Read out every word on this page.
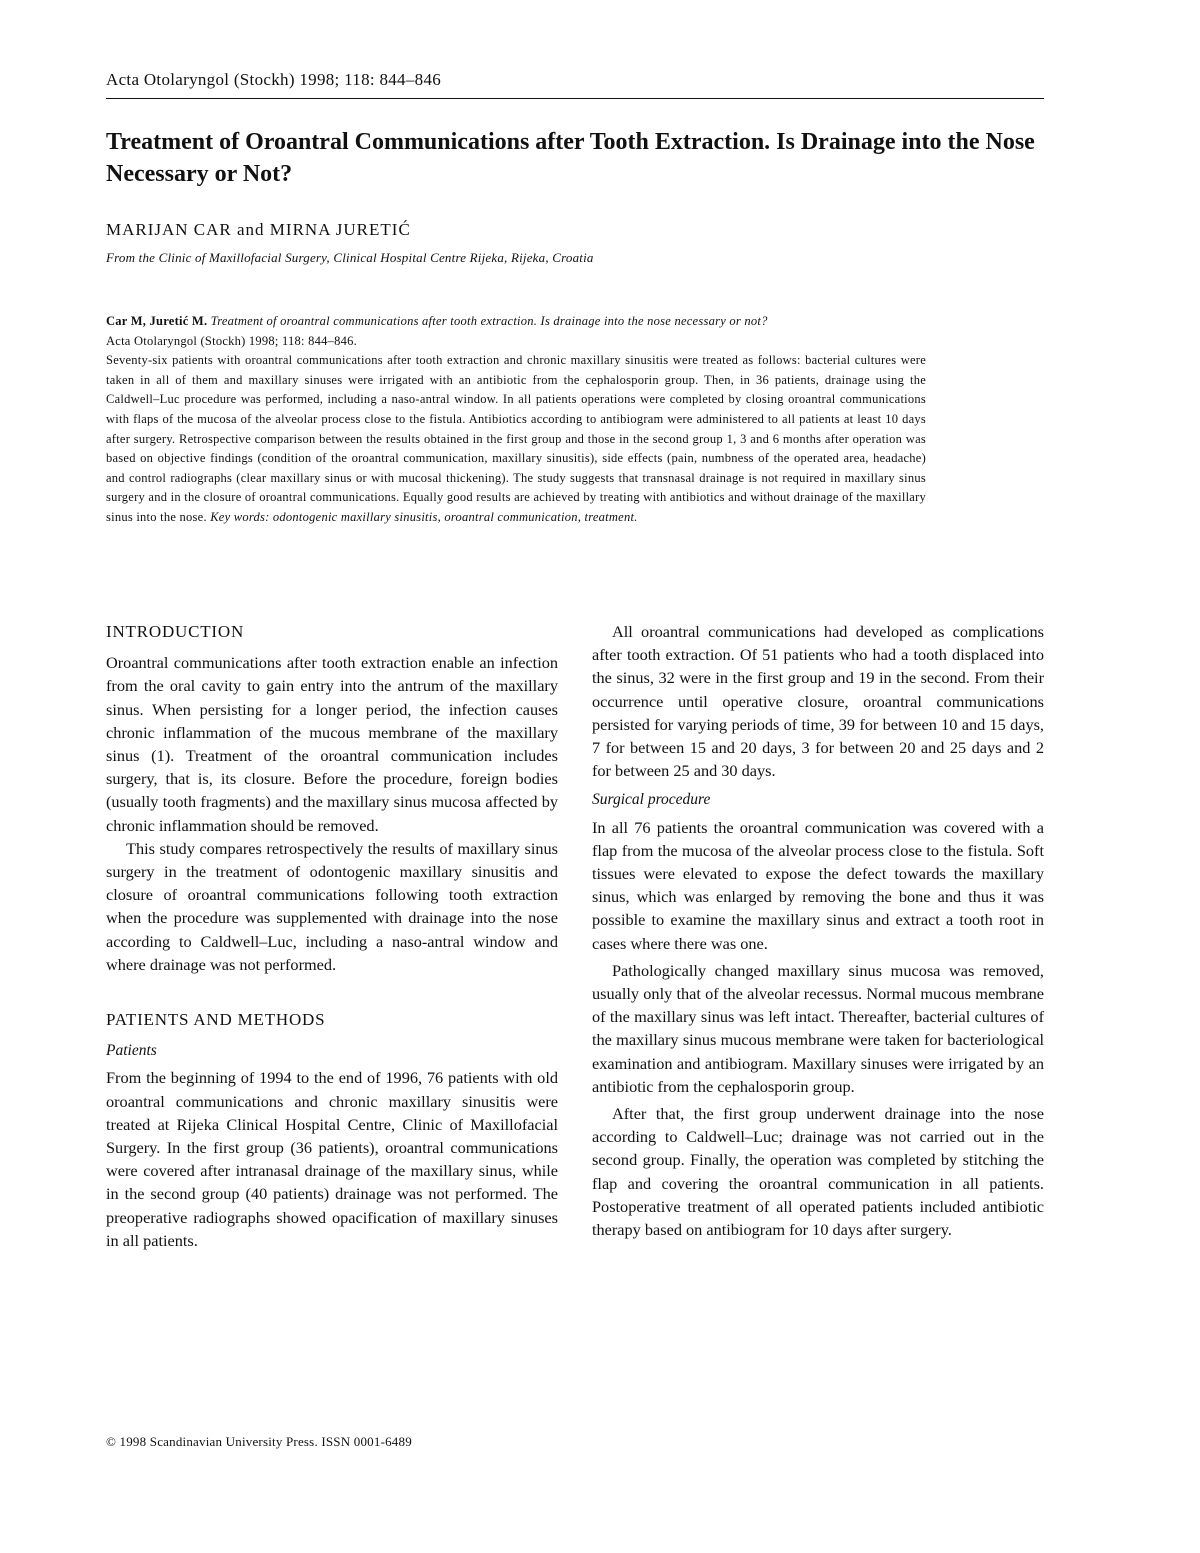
Acta Otolaryngol (Stockh) 1998; 118: 844–846
Treatment of Oroantral Communications after Tooth Extraction. Is Drainage into the Nose Necessary or Not?
MARIJAN CAR and MIRNA JURETIĆ
From the Clinic of Maxillofacial Surgery, Clinical Hospital Centre Rijeka, Rijeka, Croatia

Car M, Juretić M. Treatment of oroantral communications after tooth extraction. Is drainage into the nose necessary or not?

Acta Otolaryngol (Stockh) 1998; 118: 844–846.

Seventy-six patients with oroantral communications after tooth extraction and chronic maxillary sinusitis were treated as follows: bacterial cultures were taken in all of them and maxillary sinuses were irrigated with an antibiotic from the cephalosporin group. Then, in 36 patients, drainage using the Caldwell–Luc procedure was performed, including a naso-antral window. In all patients operations were completed by closing oroantral communications with flaps of the mucosa of the alveolar process close to the fistula. Antibiotics according to antibiogram were administered to all patients at least 10 days after surgery. Retrospective comparison between the results obtained in the first group and those in the second group 1, 3 and 6 months after operation was based on objective findings (condition of the oroantral communication, maxillary sinusitis), side effects (pain, numbness of the operated area, headache) and control radiographs (clear maxillary sinus or with mucosal thickening). The study suggests that transnasal drainage is not required in maxillary sinus surgery and in the closure of oroantral communications. Equally good results are achieved by treating with antibiotics and without drainage of the maxillary sinus into the nose. Key words: odontogenic maxillary sinusitis, oroantral communication, treatment.

INTRODUCTION

Oroantral communications after tooth extraction enable an infection from the oral cavity to gain entry into the antrum of the maxillary sinus. When persisting for a longer period, the infection causes chronic inflammation of the mucous membrane of the maxillary sinus (1). Treatment of the oroantral communication includes surgery, that is, its closure. Before the procedure, foreign bodies (usually tooth fragments) and the maxillary sinus mucosa affected by chronic inflammation should be removed.

This study compares retrospectively the results of maxillary sinus surgery in the treatment of odontogenic maxillary sinusitis and closure of oroantral communications following tooth extraction when the procedure was supplemented with drainage into the nose according to Caldwell–Luc, including a naso-antral window and where drainage was not performed.

PATIENTS AND METHODS
Patients

From the beginning of 1994 to the end of 1996, 76 patients with old oroantral communications and chronic maxillary sinusitis were treated at Rijeka Clinical Hospital Centre, Clinic of Maxillofacial Surgery. In the first group (36 patients), oroantral communications were covered after intranasal drainage of the maxillary sinus, while in the second group (40 patients) drainage was not performed. The preoperative radiographs showed opacification of maxillary sinuses in all patients.

All oroantral communications had developed as complications after tooth extraction. Of 51 patients who had a tooth displaced into the sinus, 32 were in the first group and 19 in the second. From their occurrence until operative closure, oroantral communications persisted for varying periods of time, 39 for between 10 and 15 days, 7 for between 15 and 20 days, 3 for between 20 and 25 days and 2 for between 25 and 30 days.

Surgical procedure

In all 76 patients the oroantral communication was covered with a flap from the mucosa of the alveolar process close to the fistula. Soft tissues were elevated to expose the defect towards the maxillary sinus, which was enlarged by removing the bone and thus it was possible to examine the maxillary sinus and extract a tooth root in cases where there was one.

Pathologically changed maxillary sinus mucosa was removed, usually only that of the alveolar recessus. Normal mucous membrane of the maxillary sinus was left intact. Thereafter, bacterial cultures of the maxillary sinus mucous membrane were taken for bacteriological examination and antibiogram. Maxillary sinuses were irrigated by an antibiotic from the cephalosporin group.

After that, the first group underwent drainage into the nose according to Caldwell–Luc; drainage was not carried out in the second group. Finally, the operation was completed by stitching the flap and covering the oroantral communication in all patients. Postoperative treatment of all operated patients included antibiotic therapy based on antibiogram for 10 days after surgery.

© 1998 Scandinavian University Press. ISSN 0001-6489
